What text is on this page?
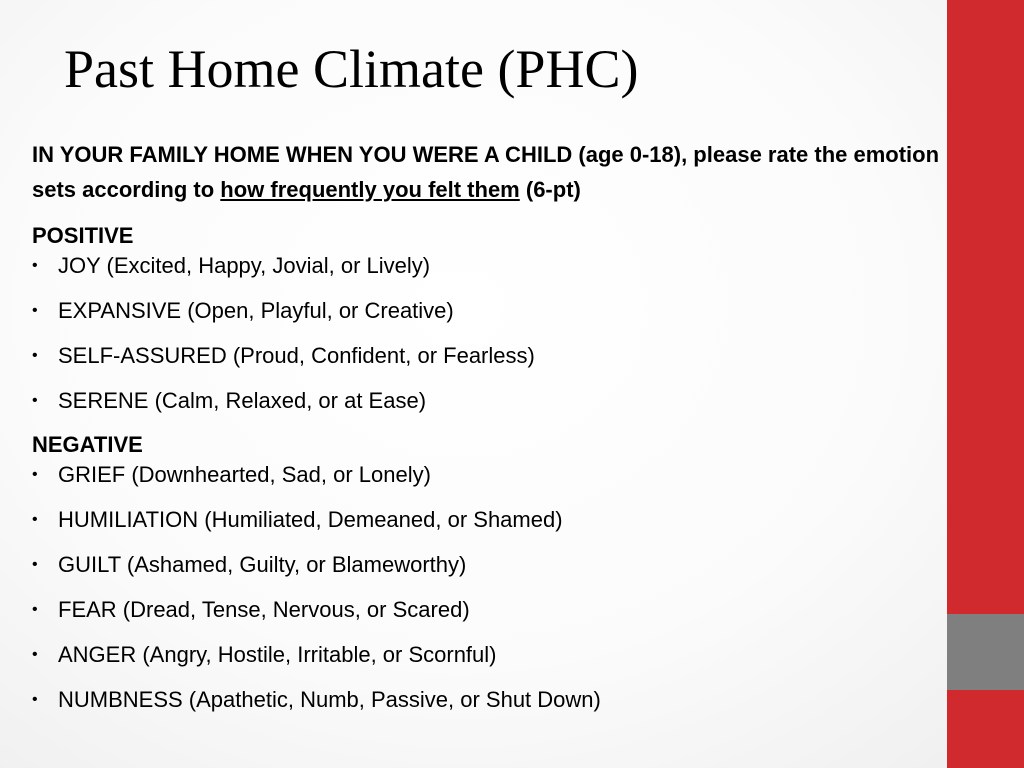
Past Home Climate (PHC)

IN YOUR FAMILY HOME WHEN YOU WERE A CHILD (age 0-18), please rate the emotion sets according to how frequently you felt them (6-pt)

POSITIVE
• JOY (Excited, Happy, Jovial, or Lively)
• EXPANSIVE (Open, Playful, or Creative)
• SELF-ASSURED (Proud, Confident, or Fearless)
• SERENE (Calm, Relaxed, or at Ease)
NEGATIVE
• GRIEF (Downhearted, Sad, or Lonely)
• HUMILIATION (Humiliated, Demeaned, or Shamed)
• GUILT (Ashamed, Guilty, or Blameworthy)
• FEAR (Dread, Tense, Nervous, or Scared)
• ANGER (Angry, Hostile, Irritable, or Scornful)
• NUMBNESS (Apathetic, Numb, Passive, or Shut Down)
